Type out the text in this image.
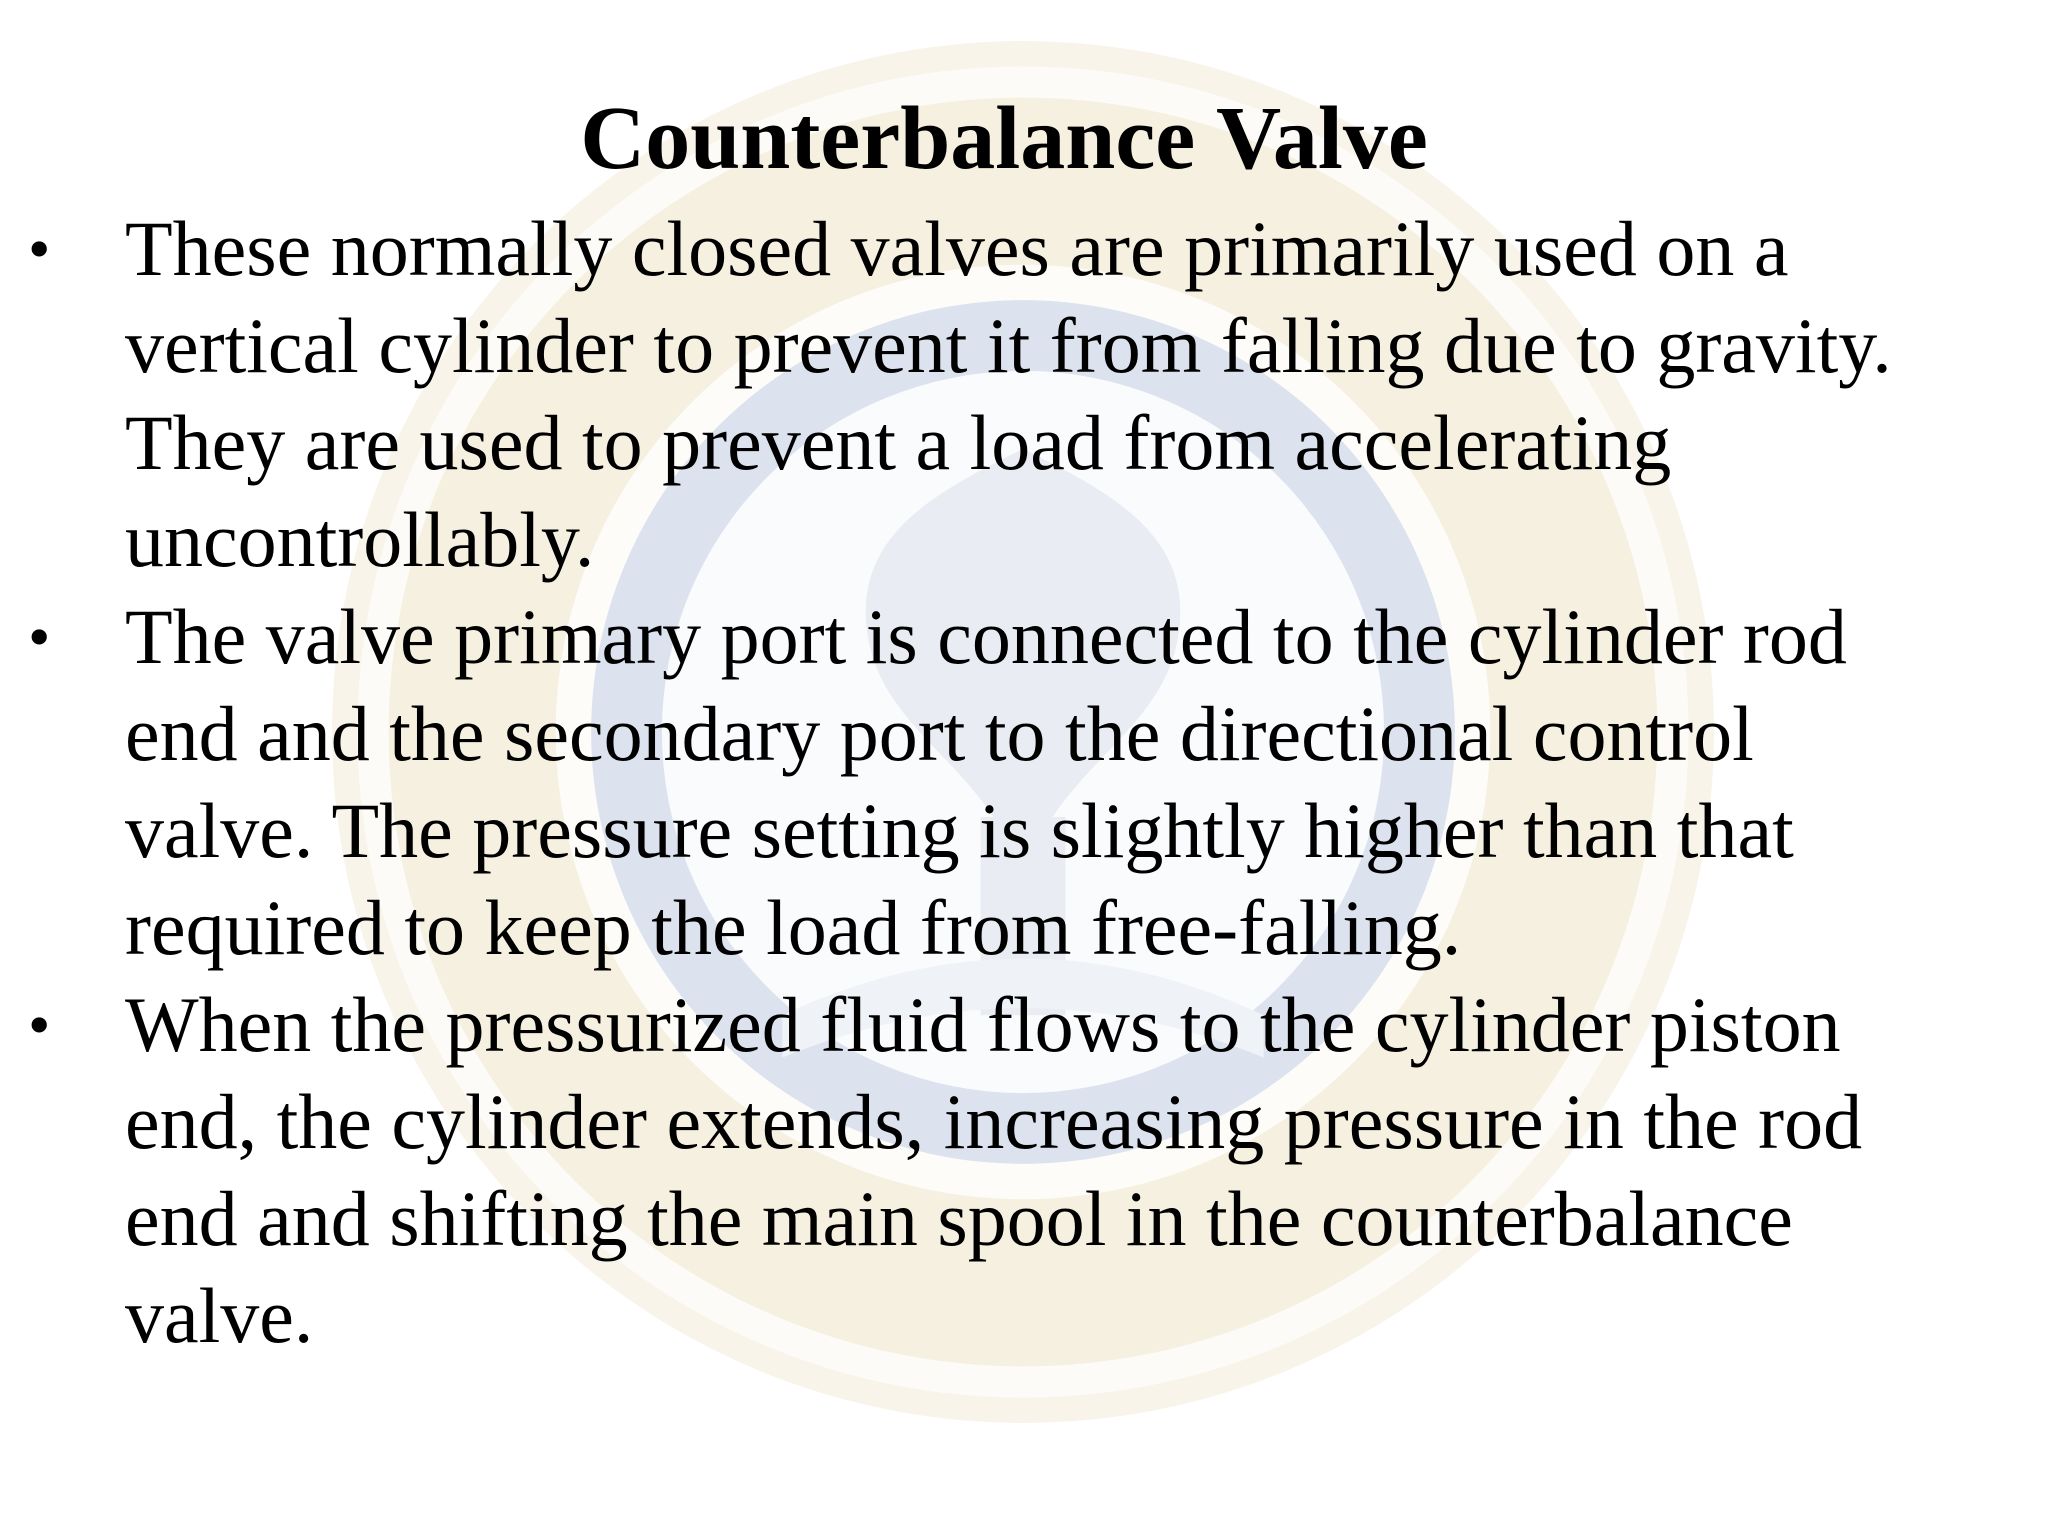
Counterbalance Valve
• These normally closed valves are primarily used on a
vertical cylinder to prevent it from falling due to gravity.
They are used to prevent a load from accelerating
uncontrollably.
• The valve primary port is connected to the cylinder rod
end and the secondary port to the directional control
valve. The pressure setting is slightly higher than that
required to keep the load from free-falling.
• When the pressurized fluid flows to the cylinder piston
end, the cylinder extends, increasing pressure in the rod
end and shifting the main spool in the counterbalance
valve.
